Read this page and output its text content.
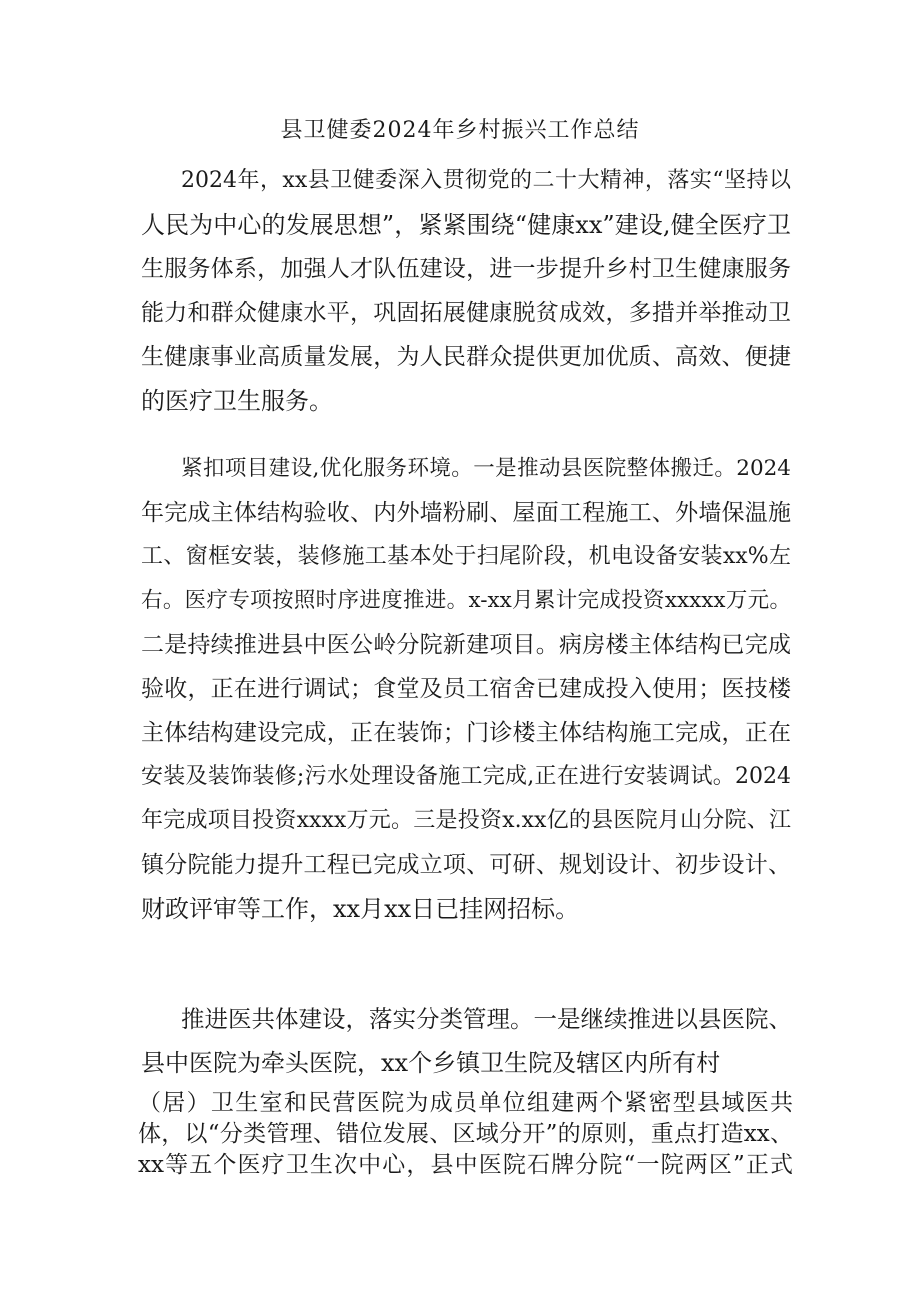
县卫健委2024年乡村振兴工作总结
2024年，xx县卫健委深入贯彻党的二十大精神，落实“坚持以
人民为中心的发展思想”，紧紧围绕“健康xx”建设,健全医疗卫
生服务体系，加强人才队伍建设，进一步提升乡村卫生健康服务
能力和群众健康水平，巩固拓展健康脱贫成效，多措并举推动卫
生健康事业高质量发展，为人民群众提供更加优质、高效、便捷
的医疗卫生服务。
紧扣项目建设,优化服务环境。一是推动县医院整体搬迁。2024
年完成主体结构验收、内外墙粉刷、屋面工程施工、外墙保温施
工、窗框安装，装修施工基本处于扫尾阶段，机电设备安装xx%左
右。医疗专项按照时序进度推进。x-xx月累计完成投资xxxxx万元。
二是持续推进县中医公岭分院新建项目。病房楼主体结构已完成
验收，正在进行调试；食堂及员工宿舍已建成投入使用；医技楼
主体结构建设完成，正在装饰；门诊楼主体结构施工完成，正在
安装及装饰装修;污水处理设备施工完成,正在进行安装调试。2024
年完成项目投资xxxx万元。三是投资x.xx亿的县医院月山分院、江
镇分院能力提升工程已完成立项、可研、规划设计、初步设计、
财政评审等工作，xx月xx日已挂网招标。
推进医共体建设，落实分类管理。一是继续推进以县医院、
县中医院为牵头医院，xx个乡镇卫生院及辖区内所有村
（居）卫生室和民营医院为成员单位组建两个紧密型县域医共
体，以“分类管理、错位发展、区域分开”的原则，重点打造xx、
xx等五个医疗卫生次中心，县中医院石牌分院“一院两区”正式
